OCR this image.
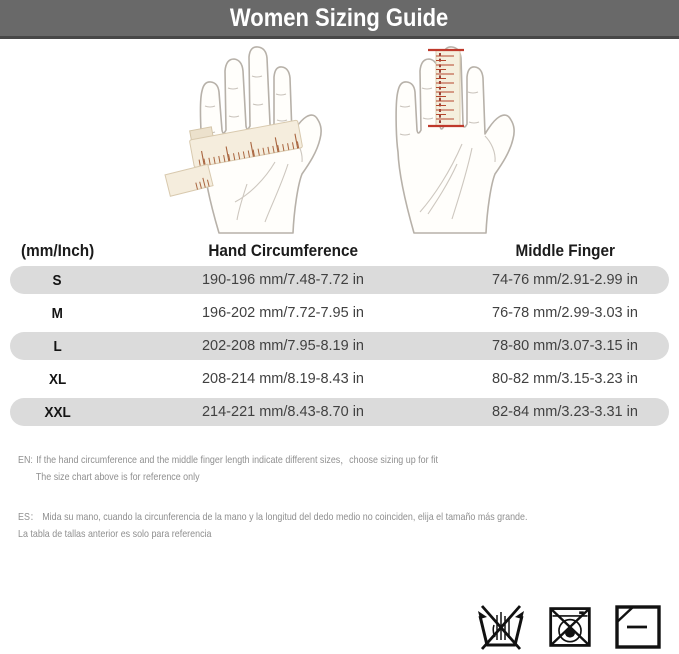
Women Sizing Guide
(mm/Inch)	Hand Circumference	Middle Finger
S	190-196 mm/7.48-7.72 in	74-76 mm/2.91-2.99 in
M	196-202 mm/7.72-7.95 in	76-78 mm/2.99-3.03 in
L	202-208 mm/7.95-8.19 in	78-80 mm/3.07-3.15 in
XL	208-214 mm/8.19-8.43 in	80-82 mm/3.15-3.23 in
XXL	214-221 mm/8.43-8.70 in	82-84 mm/3.23-3.31 in
EN: If the hand circumference and the middle finger length indicate different sizes，choose sizing up for fit
The size chart above is for reference only
ES： Mida su mano, cuando la circunferencia de la mano y la longitud del dedo medio no coinciden, elija el tamaño más grande.
La tabla de tallas anterior es solo para referencia
